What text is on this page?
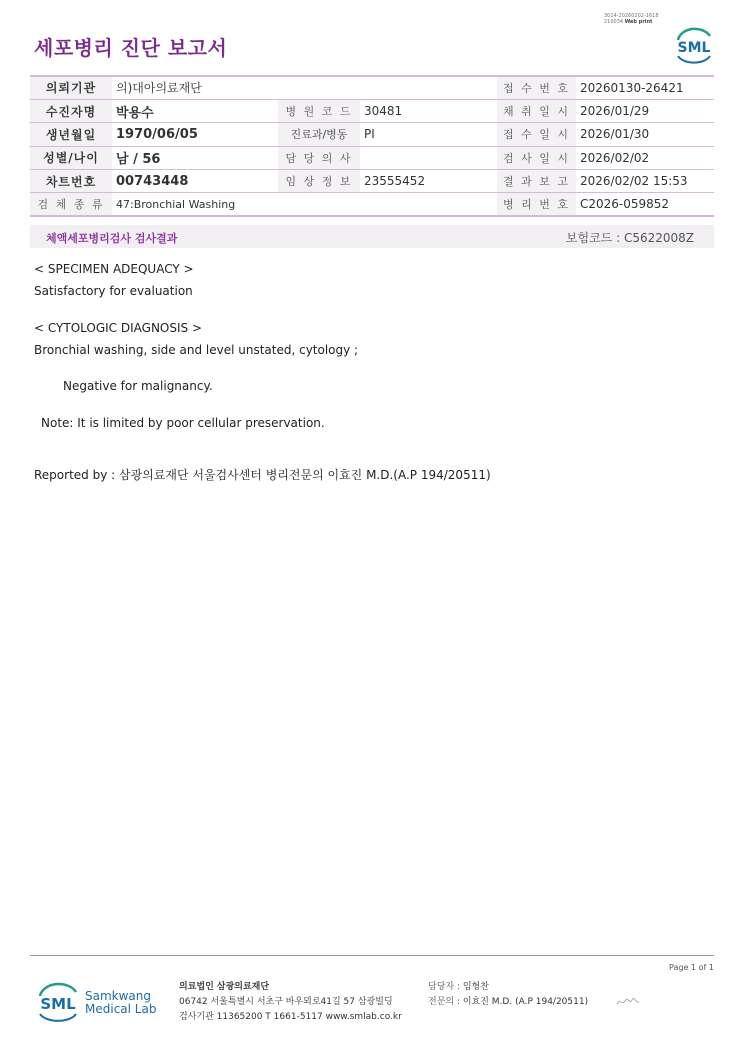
3014-20260202-1618
210034 Web print
세포병리 진단 보고서	SML
의뢰기관	의)대아의료재단			접 수 번 호	20260130-26421
수진자명	박용수	병 원 코 드	30481	채 취 일 시	2026/01/29
생년월일	1970/06/05	진료과/병동	PI	접 수 일 시	2026/01/30
성별/나이	남 / 56	담 당 의 사		검 사 일 시	2026/02/02
차트번호	00743448	임 상 정 보	23555452	결 과 보 고	2026/02/02 15:53
검 체 종 류	47:Bronchial Washing			병 리 번 호	C2026-059852
체액세포병리검사 검사결과	보험코드 : C5622008Z
< SPECIMEN ADEQUACY >
Satisfactory for evaluation
< CYTOLOGIC DIAGNOSIS >
Bronchial washing, side and level unstated, cytology ;
Negative for malignancy.
Note: It is limited by poor cellular preservation.
Reported by : 삼광의료재단 서울검사센터 병리전문의 이효진 M.D.(A.P 194/20511)
Page 1 of 1
SML Samkwang
Medical Lab
의료법인 삼광의료재단
06742 서울특별시 서초구 바우뫼로41길 57 삼광빌딩
검사기관 11365200 T 1661-5117 www.smlab.co.kr
담당자 : 임형찬
전문의 : 이효진 M.D. (A.P 194/20511)
